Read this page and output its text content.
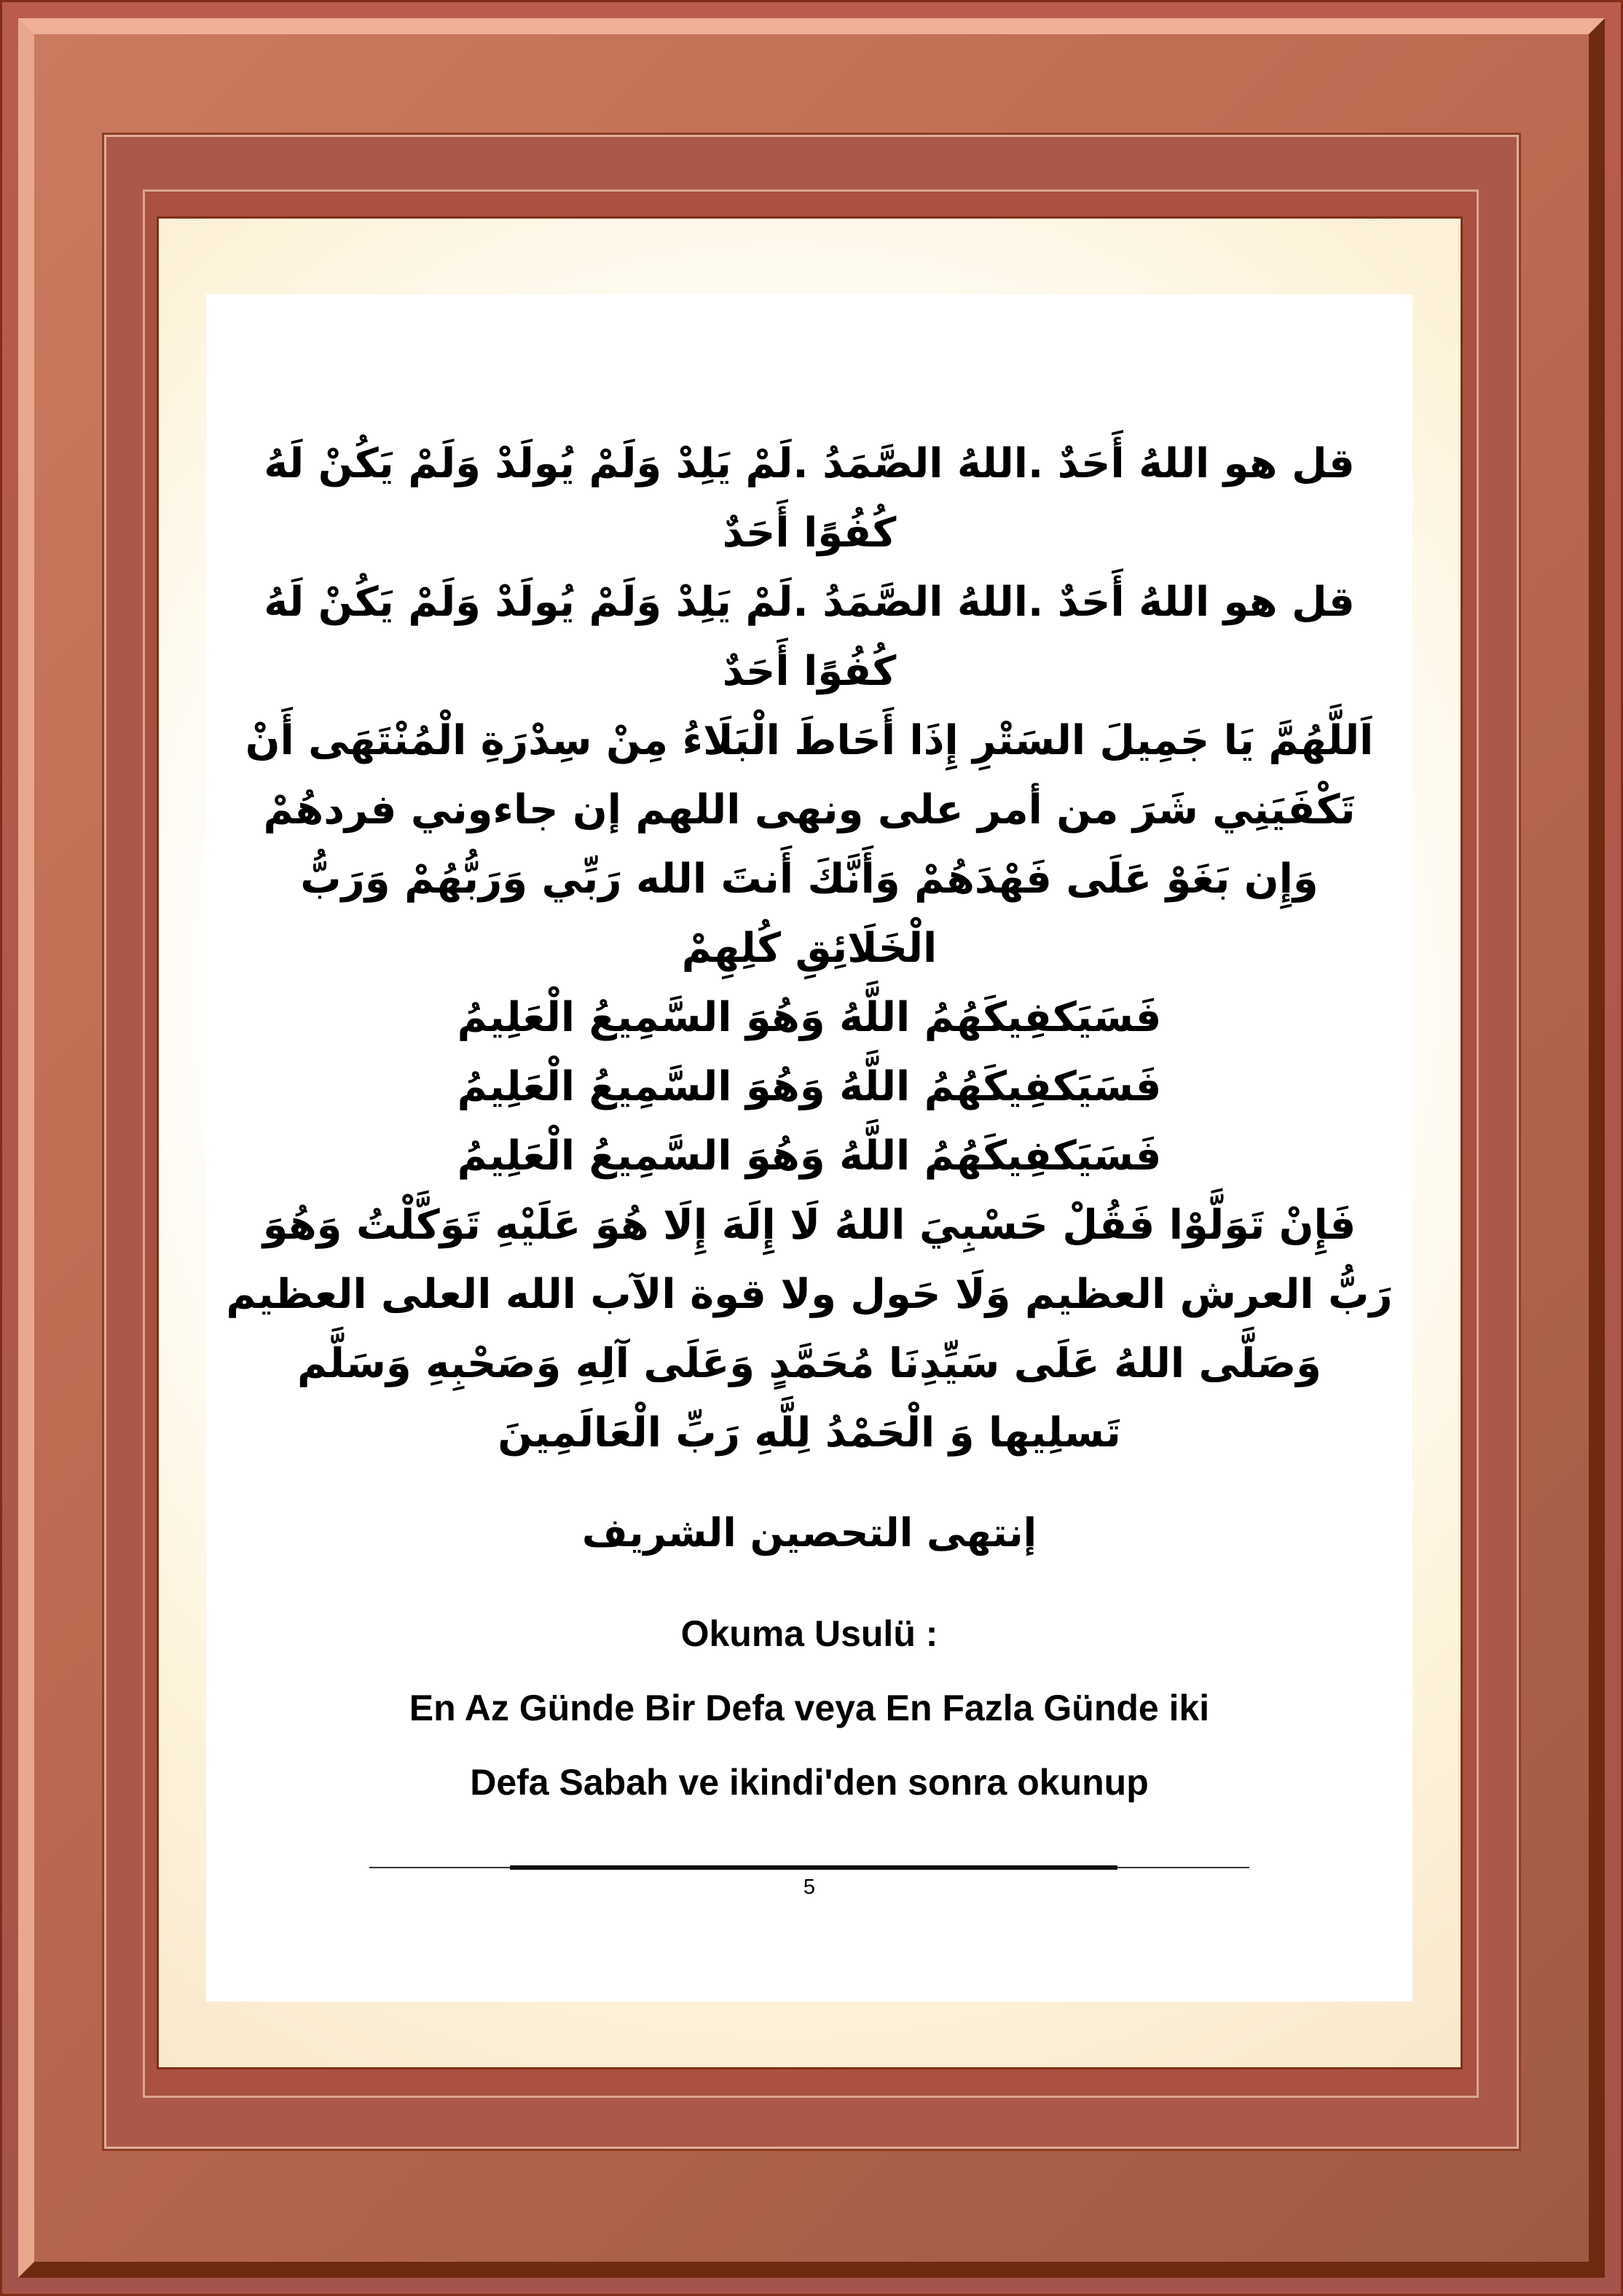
قل هو اللهُ أَحَدٌ .اللهُ الصَّمَدُ .لَمْ يَلِدْ وَلَمْ يُولَدْ وَلَمْ يَكُنْ لَهُ
كُفُوًا أَحَدٌ
قل هو اللهُ أَحَدٌ .اللهُ الصَّمَدُ .لَمْ يَلِدْ وَلَمْ يُولَدْ وَلَمْ يَكُنْ لَهُ
كُفُوًا أَحَدٌ
اَللَّهُمَّ يَا جَمِيلَ السَتْرِ إِذَا أَحَاطَ الْبَلَاءُ مِنْ سِدْرَةِ الْمُنْتَهَى أَنْ
تَكْفَيَنِي شَرَ من أمر على ونهى اللهم إن جاءوني فردهُمْ
وَإِن بَغَوْ عَلَى فَهْدَهُمْ وَأَنَّكَ أَنتَ الله رَبِّي وَرَبُّهُمْ وَرَبُّ
الْخَلَائِقِ كُلِهِمْ
فَسَيَكفِيكَهُمُ اللَّهُ وَهُوَ السَّمِيعُ الْعَلِيمُ
فَسَيَكفِيكَهُمُ اللَّهُ وَهُوَ السَّمِيعُ الْعَلِيمُ
فَسَيَكفِيكَهُمُ اللَّهُ وَهُوَ السَّمِيعُ الْعَلِيمُ
فَإِنْ تَوَلَّوْا فَقُلْ حَسْبِيَ اللهُ لَا إِلَهَ إِلَا هُوَ عَلَيْهِ تَوَكَّلْتُ وَهُوَ
رَبُّ العرش العظيم وَلَا حَول ولا قوة الآب الله العلى العظيم
وَصَلَّى اللهُ عَلَى سَيِّدِنَا مُحَمَّدٍ وَعَلَى آلِهِ وَصَحْبِهِ وَسَلَّم
تَسلِيها وَ الْحَمْدُ لِلَّهِ رَبِّ الْعَالَمِينَ
إنتهى التحصين الشريف
Okuma Usulü :
En Az Günde Bir Defa veya En Fazla Günde iki
Defa Sabah ve ikindi'den sonra okunup
5
